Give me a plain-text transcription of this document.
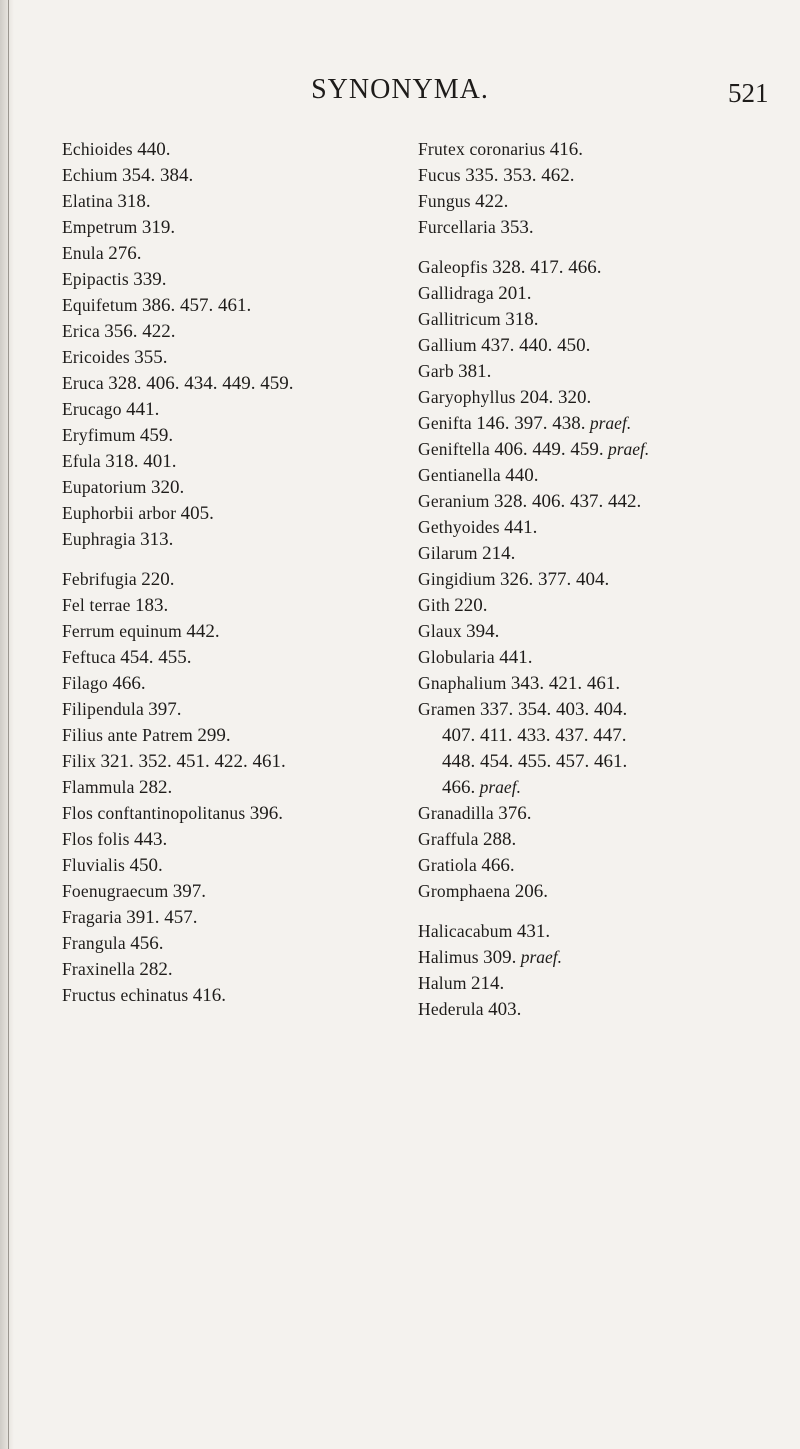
SYNONYMA.	521
Echioides 440.
Echium 354. 384.
Elatina 318.
Empetrum 319.
Enula 276.
Epipactis 339.
Equifetum 386. 457. 461.
Erica 356. 422.
Ericoides 355.
Eruca 328. 406. 434. 449. 459.
Erucago 441.
Eryfimum 459.
Efula 318. 401.
Eupatorium 320.
Euphorbii arbor 405.
Euphragia 313.
Febrifugia 220.
Fel terrae 183.
Ferrum equinum 442.
Feftuca 454. 455.
Filago 466.
Filipendula 397.
Filius ante Patrem 299.
Filix 321. 352. 451. 422. 461.
Flammula 282.
Flos conftantinopolitanus 396.
Flos folis 443.
Fluvialis 450.
Foenugraecum 397.
Fragaria 391. 457.
Frangula 456.
Fraxinella 282.
Fructus echinatus 416.
Frutex coronarius 416.
Fucus 335. 353. 462.
Fungus 422.
Furcellaria 353.
Galeopfis 328. 417. 466.
Gallidraga 201.
Gallitricum 318.
Gallium 437. 440. 450.
Garb 381.
Garyophyllus 204. 320.
Genifta 146. 397. 438. praef.
Geniftella 406. 449. 459. praef.
Gentianella 440.
Geranium 328. 406. 437. 442.
Gethyoides 441.
Gilarum 214.
Gingidium 326. 377. 404.
Gith 220.
Glaux 394.
Globularia 441.
Gnaphalium 343. 421. 461.
Gramen 337. 354. 403. 404.
407. 411. 433. 437. 447.
448. 454. 455. 457. 461.
466. praef.
Granadilla 376.
Graffula 288.
Gratiola 466.
Gromphaena 206.
Halicacabum 431.
Halimus 309. praef.
Halum 214.
Hederula 403.
